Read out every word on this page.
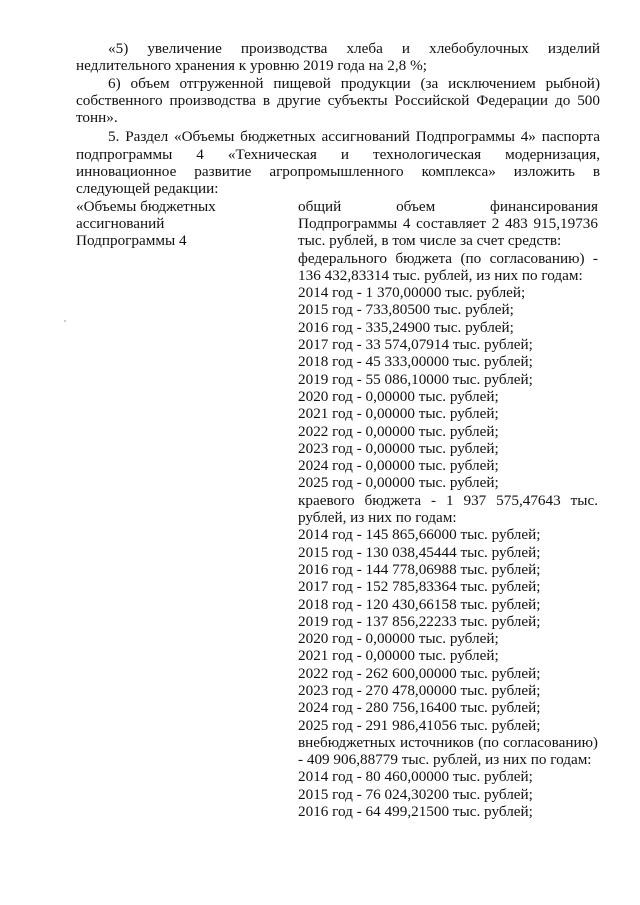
«5) увеличение производства хлеба и хлебобулочных изделий недлительного хранения к уровню 2019 года на 2,8 %;

6) объем отгруженной пищевой продукции (за исключением рыбной) собственного производства в другие субъекты Российской Федерации до 500 тонн».

5. Раздел «Объемы бюджетных ассигнований Подпрограммы 4» паспорта подпрограммы 4 «Техническая и технологическая модернизация, инновационное развитие агропромышленного комплекса» изложить в следующей редакции:

«Объемы бюджетных
ассигнований
Подпрограммы 4
общий объем финансирования Подпрограммы 4 составляет 2 483 915,19736 тыс. рублей, в том числе за счет средств:
федерального бюджета (по согласованию) - 136 432,83314 тыс. рублей, из них по годам:
2014 год - 1 370,00000 тыс. рублей;
2015 год - 733,80500 тыс. рублей;
2016 год - 335,24900 тыс. рублей;
2017 год - 33 574,07914 тыс. рублей;
2018 год - 45 333,00000 тыс. рублей;
2019 год - 55 086,10000 тыс. рублей;
2020 год - 0,00000 тыс. рублей;
2021 год - 0,00000 тыс. рублей;
2022 год - 0,00000 тыс. рублей;
2023 год - 0,00000 тыс. рублей;
2024 год - 0,00000 тыс. рублей;
2025 год - 0,00000 тыс. рублей;
краевого бюджета - 1 937 575,47643 тыс. рублей, из них по годам:
2014 год - 145 865,66000 тыс. рублей;
2015 год - 130 038,45444 тыс. рублей;
2016 год - 144 778,06988 тыс. рублей;
2017 год - 152 785,83364 тыс. рублей;
2018 год - 120 430,66158 тыс. рублей;
2019 год - 137 856,22233 тыс. рублей;
2020 год - 0,00000 тыс. рублей;
2021 год - 0,00000 тыс. рублей;
2022 год - 262 600,00000 тыс. рублей;
2023 год - 270 478,00000 тыс. рублей;
2024 год - 280 756,16400 тыс. рублей;
2025 год - 291 986,41056 тыс. рублей;
внебюджетных источников (по согласованию) - 409 906,88779 тыс. рублей, из них по годам:
2014 год - 80 460,00000 тыс. рублей;
2015 год - 76 024,30200 тыс. рублей;
2016 год - 64 499,21500 тыс. рублей;
